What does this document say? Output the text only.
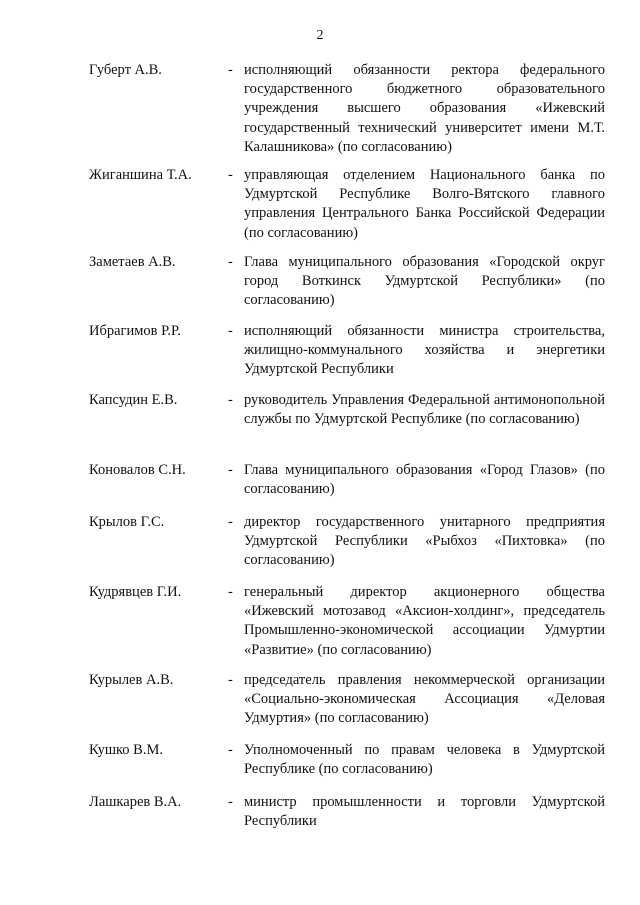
2
Губерт А.В.	- исполняющий обязанности ректора федерального государственного бюджетного образовательного учреждения высшего образования «Ижевский государственный технический университет имени М.Т. Калашникова» (по согласованию)
Жиганшина Т.А. - управляющая отделением Национального банка по Удмуртской Республике Волго-Вятского главного управления Центрального Банка Российской Федерации (по согласованию)
Заметаев А.В.	- Глава муниципального образования «Городской округ город Воткинск Удмуртской Республики» (по согласованию)
Ибрагимов Р.Р.	- исполняющий обязанности министра строительства, жилищно-коммунального хозяйства и энергетики Удмуртской Республики
Капсудин Е.В.	- руководитель Управления Федеральной антимонопольной службы по Удмуртской Республике (по согласованию)
Коновалов С.Н.	- Глава муниципального образования «Город Глазов» (по согласованию)
Крылов Г.С.	- директор государственного унитарного предприятия Удмуртской Республики «Рыбхоз «Пихтовка» (по согласованию)
Кудрявцев Г.И.	- генеральный директор акционерного общества «Ижевский мотозавод «Аксион-холдинг», председатель Промышленно-экономической ассоциации Удмуртии «Развитие» (по согласованию)
Курылев А.В.	- председатель правления некоммерческой организации «Социально-экономическая Ассоциация «Деловая Удмуртия» (по согласованию)
Кушко В.М.	- Уполномоченный по правам человека в Удмуртской Республике (по согласованию)
Лашкарев В.А.	- министр промышленности и торговли Удмуртской Республики
